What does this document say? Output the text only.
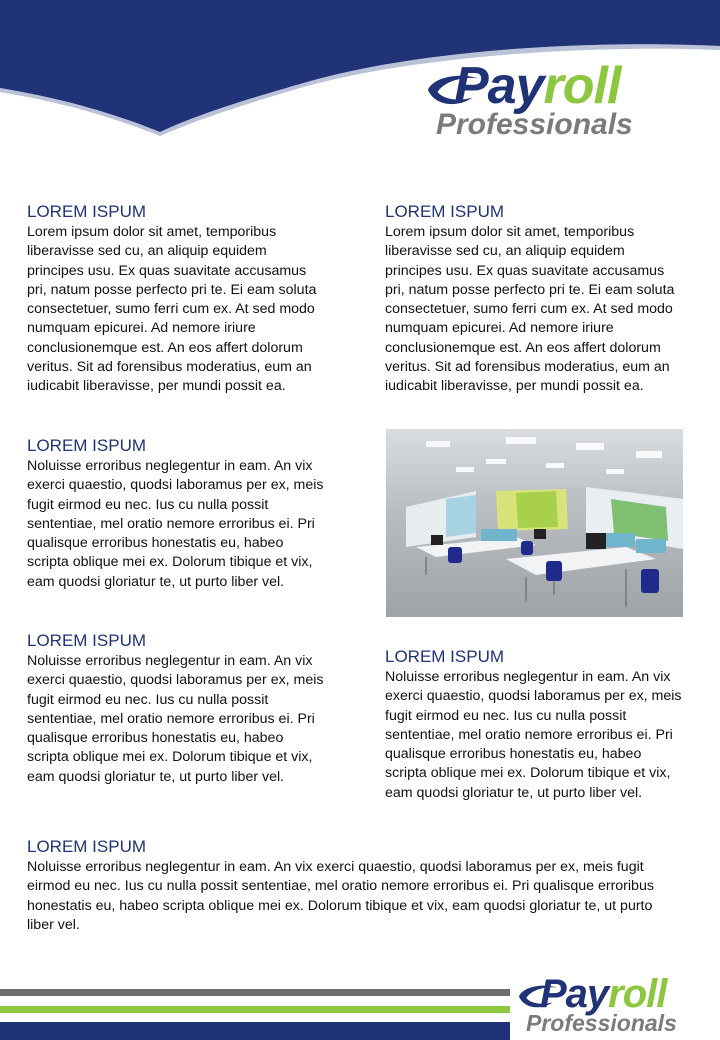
Payroll
Professionals
LOREM ISPUM

Lorem ipsum dolor sit amet, temporibus liberavisse sed cu, an aliquip equidem principes usu. Ex quas suavitate accusamus pri, natum posse perfecto pri te. Ei eam soluta consectetuer, sumo ferri cum ex. At sed modo numquam epicurei. Ad nemore iriure conclusionemque est. An eos affert dolorum veritus. Sit ad forensibus moderatius, eum an iudicabit liberavisse, per mundi possit ea.

LOREM ISPUM

Noluisse erroribus neglegentur in eam. An vix exerci quaestio, quodsi laboramus per ex, meis fugit eirmod eu nec. Ius cu nulla possit sententiae, mel oratio nemore erroribus ei. Pri qualisque erroribus honestatis eu, habeo scripta oblique mei ex. Dolorum tibique et vix, eam quodsi gloriatur te, ut purto liber vel.

LOREM ISPUM

Noluisse erroribus neglegentur in eam. An vix exerci quaestio, quodsi laboramus per ex, meis fugit eirmod eu nec. Ius cu nulla possit sententiae, mel oratio nemore erroribus ei. Pri qualisque erroribus honestatis eu, habeo scripta oblique mei ex. Dolorum tibique et vix, eam quodsi gloriatur te, ut purto liber vel.

LOREM ISPUM

Lorem ipsum dolor sit amet, temporibus liberavisse sed cu, an aliquip equidem principes usu. Ex quas suavitate accusamus pri, natum posse perfecto pri te. Ei eam soluta consectetuer, sumo ferri cum ex. At sed modo numquam epicurei. Ad nemore iriure conclusionemque est. An eos affert dolorum veritus. Sit ad forensibus moderatius, eum an iudicabit liberavisse, per mundi possit ea.

LOREM ISPUM

Noluisse erroribus neglegentur in eam. An vix exerci quaestio, quodsi laboramus per ex, meis fugit eirmod eu nec. Ius cu nulla possit sententiae, mel oratio nemore erroribus ei. Pri qualisque erroribus honestatis eu, habeo scripta oblique mei ex. Dolorum tibique et vix, eam quodsi gloriatur te, ut purto liber vel.

LOREM ISPUM

Noluisse erroribus neglegentur in eam. An vix exerci quaestio, quodsi laboramus per ex, meis fugit eirmod eu nec. Ius cu nulla possit sententiae, mel oratio nemore erroribus ei. Pri qualisque erroribus honestatis eu, habeo scripta oblique mei ex. Dolorum tibique et vix, eam quodsi gloriatur te, ut purto liber vel.

Payroll
Professionals
